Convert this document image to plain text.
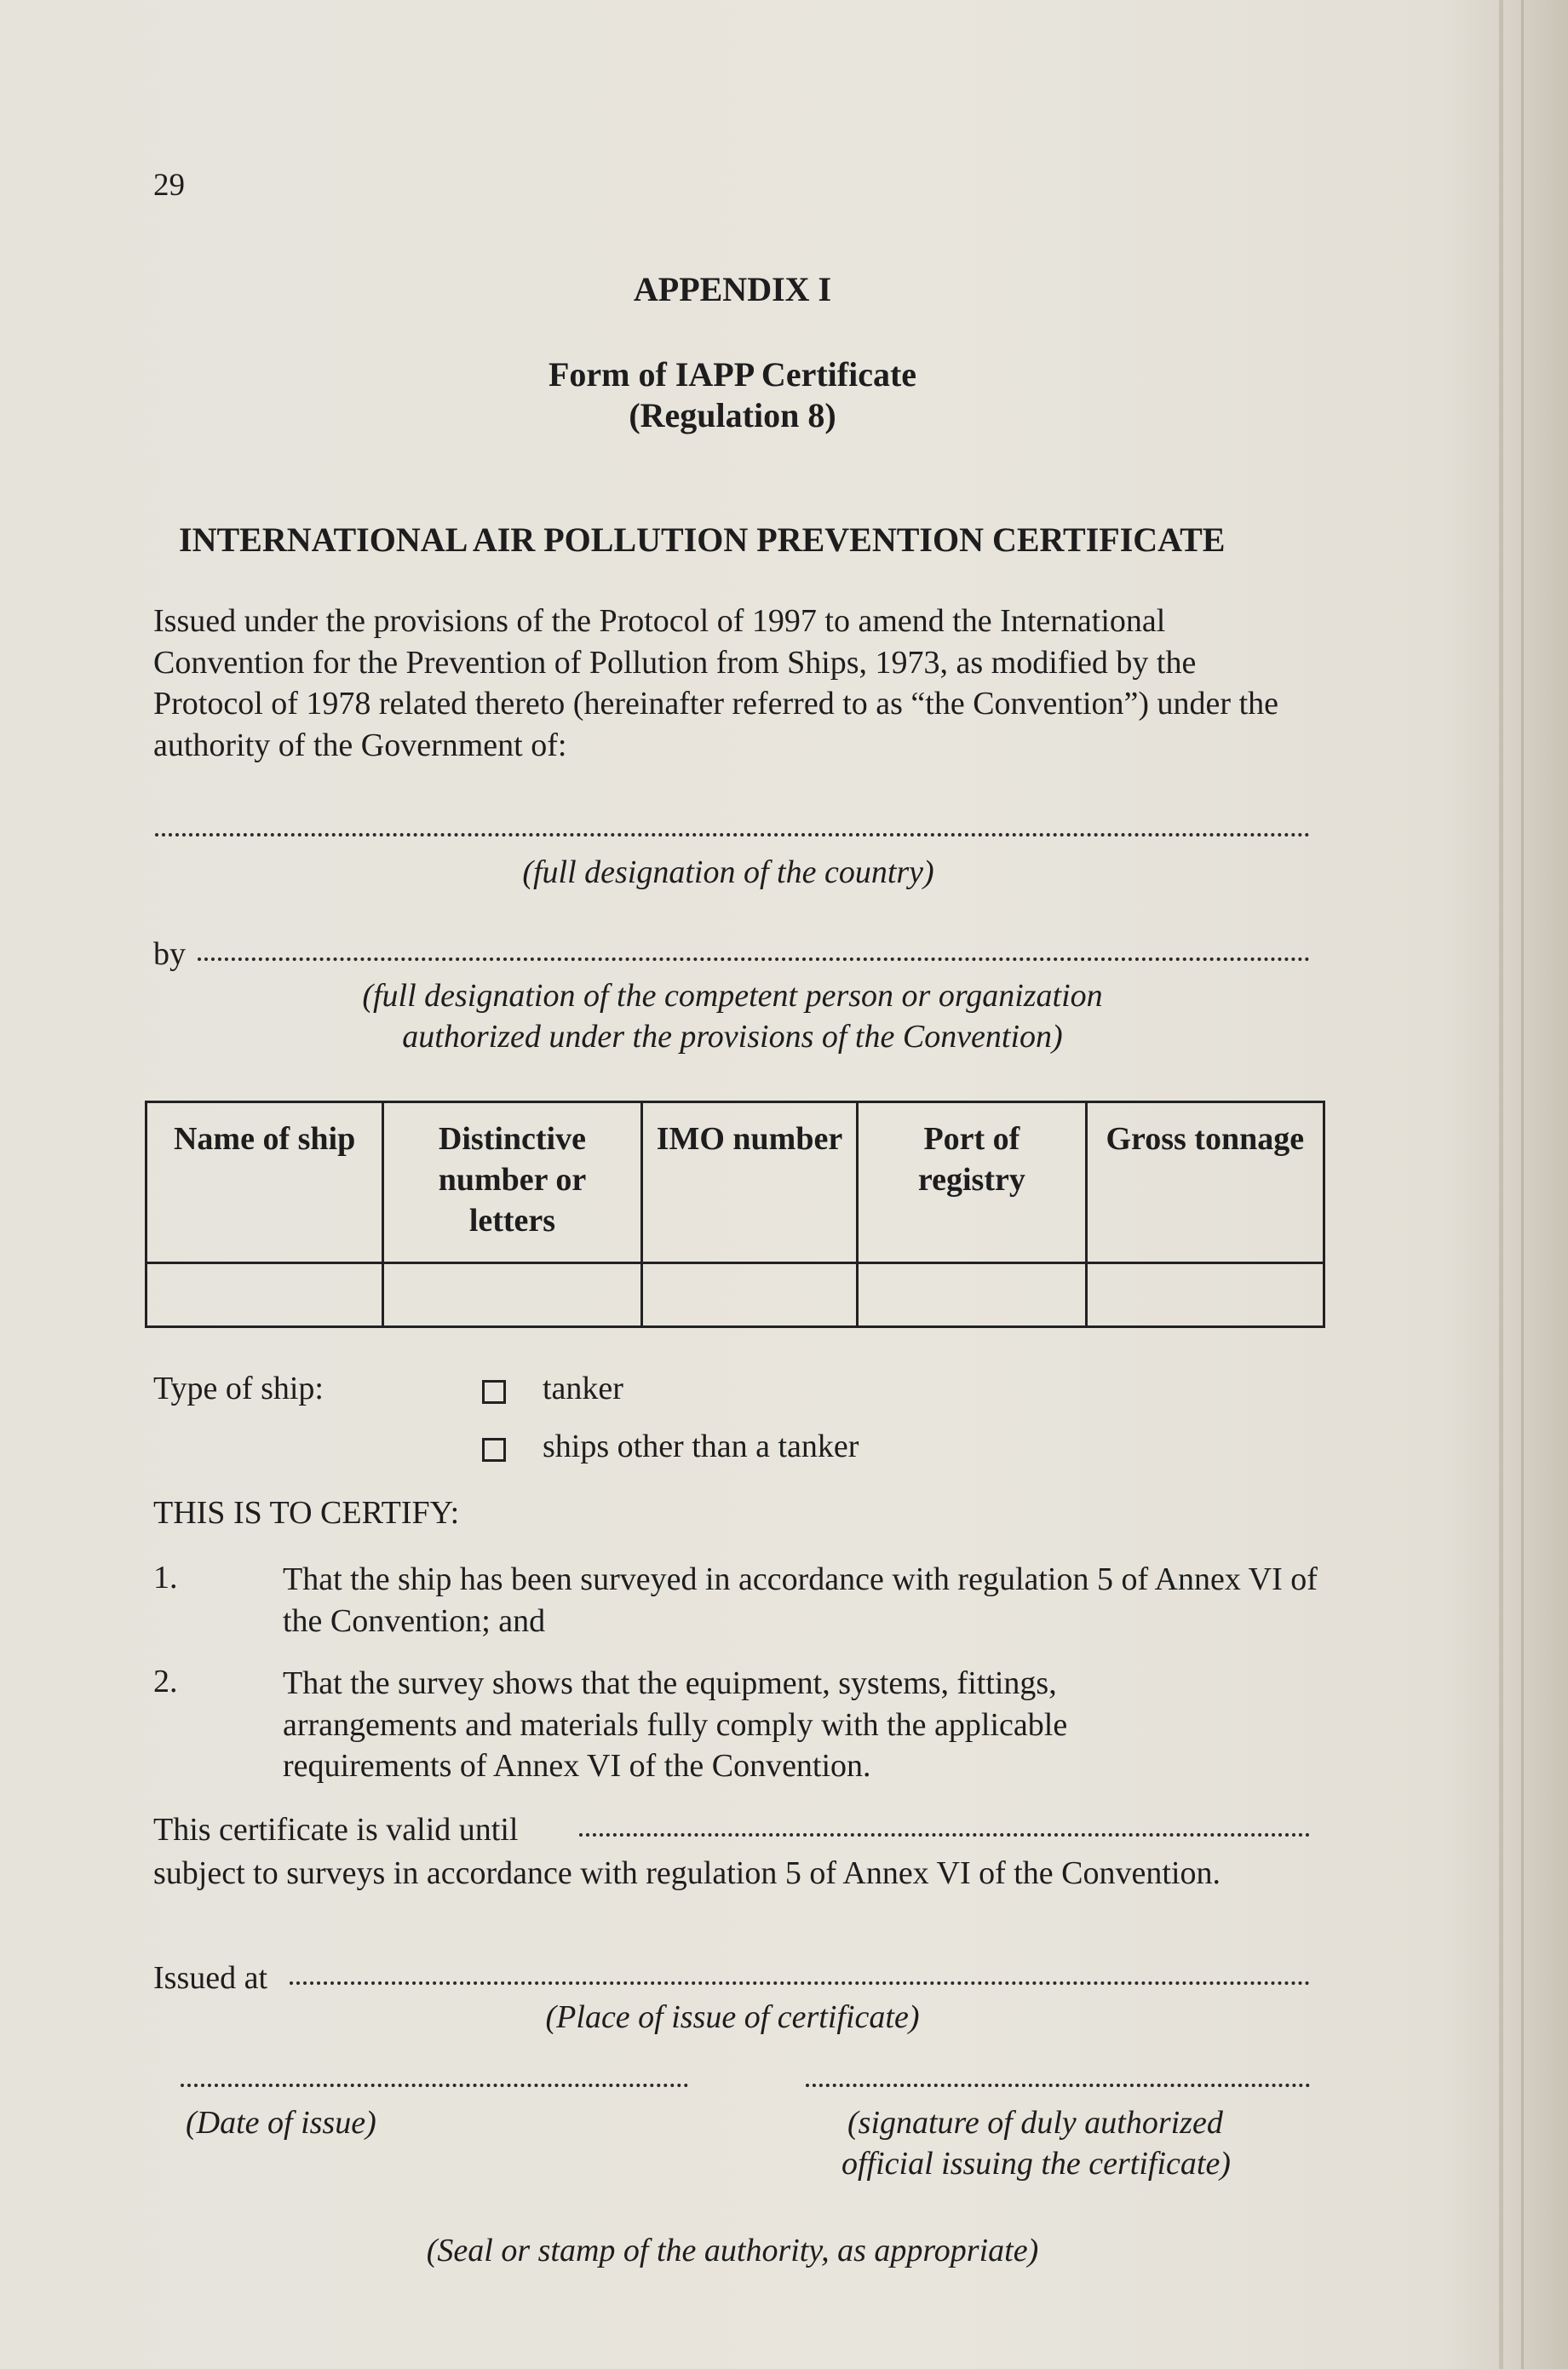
29
APPENDIX I
Form of IAPP Certificate
(Regulation 8)
INTERNATIONAL AIR POLLUTION PREVENTION CERTIFICATE
Issued under the provisions of the Protocol of 1997 to amend the International Convention for the Prevention of Pollution from Ships, 1973, as modified by the Protocol of 1978 related thereto (hereinafter referred to as “the Convention”) under the authority of the Government of:
(full designation of the country)
by
(full designation of the competent person or organization
authorized under the provisions of the Convention)
Name of ship	Distinctive number or letters	IMO number	Port of registry	Gross tonnage

Type of ship:	tanker
ships other than a tanker
THIS IS TO CERTIFY:
1.	That the ship has been surveyed in accordance with regulation 5 of Annex VI of the Convention; and
2.	That the survey shows that the equipment, systems, fittings, arrangements and materials fully comply with the applicable requirements of Annex VI of the Convention.
This certificate is valid until
subject to surveys in accordance with regulation 5 of Annex VI of the Convention.
Issued at
(Place of issue of certificate)
(Date of issue)	(signature of duly authorized
official issuing the certificate)
(Seal or stamp of the authority, as appropriate)
